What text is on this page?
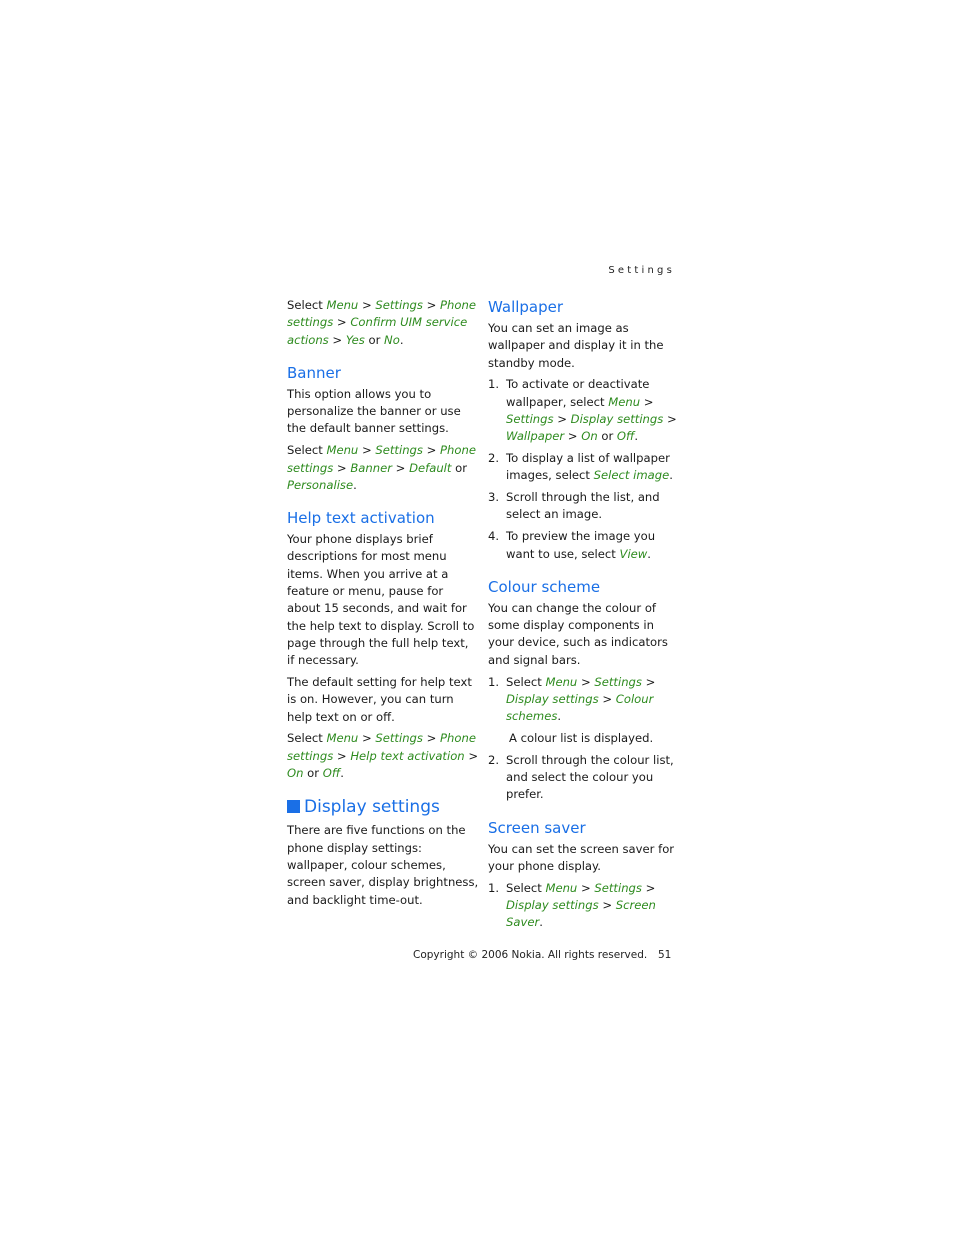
Settings

Select Menu > Settings > Phone settings > Confirm UIM service actions > Yes or No.

Banner

This option allows you to personalize the banner or use the default banner settings.

Select Menu > Settings > Phone settings > Banner > Default or Personalise.

Help text activation

Your phone displays brief descriptions for most menu items. When you arrive at a feature or menu, pause for about 15 seconds, and wait for the help text to display. Scroll to page through the full help text, if necessary.

The default setting for help text is on. However, you can turn help text on or off.

Select Menu > Settings > Phone settings > Help text activation > On or Off.

Display settings

There are five functions on the phone display settings: wallpaper, colour schemes, screen saver, display brightness, and backlight time-out.

Wallpaper

You can set an image as wallpaper and display it in the standby mode.

1. To activate or deactivate wallpaper, select Menu > Settings > Display settings > Wallpaper > On or Off.
2. To display a list of wallpaper images, select Select image.
3. Scroll through the list, and select an image.
4. To preview the image you want to use, select View.
Colour scheme

You can change the colour of some display components in your device, such as indicators and signal bars.

1. Select Menu > Settings > Display settings > Colour schemes.

A colour list is displayed.

2. Scroll through the colour list, and select the colour you prefer.
Screen saver

You can set the screen saver for your phone display.

1. Select Menu > Settings > Display settings > Screen Saver.
Copyright © 2006 Nokia. All rights reserved. 51
